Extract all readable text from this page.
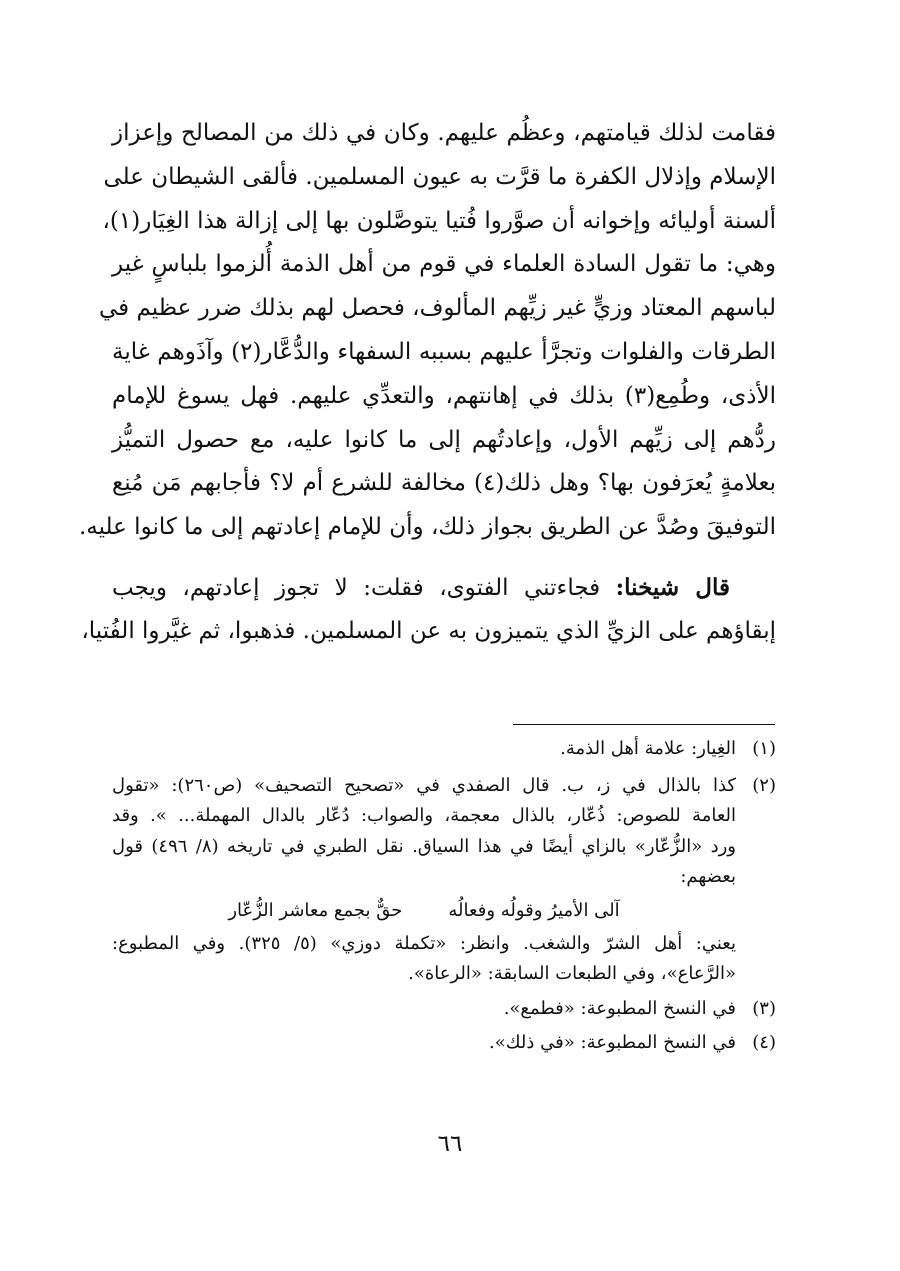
فقامت لذلك قيامتهم، وعظُم عليهم. وكان في ذلك من المصالح وإعزاز
الإسلام وإذلال الكفرة ما قرَّت به عيون المسلمين. فألقى الشيطان على
ألسنة أوليائه وإخوانه أن صوَّروا فُتيا يتوصَّلون بها إلى إزالة هذا الغِيَار(١)،
وهي: ما تقول السادة العلماء في قوم من أهل الذمة أُلزموا بلباسٍ غير
لباسهم المعتاد وزيٍّ غير زيِّهم المألوف، فحصل لهم بذلك ضرر عظيم في
الطرقات والفلوات وتجرَّأ عليهم بسببه السفهاء والدُّعَّار(٢) وآذَوهم غاية
الأذى، وطُمِع(٣) بذلك في إهانتهم، والتعدِّي عليهم. فهل يسوغ للإمام
ردُّهم إلى زيِّهم الأول، وإعادتُهم إلى ما كانوا عليه، مع حصول التميُّز
بعلامةٍ يُعرَفون بها؟ وهل ذلك(٤) مخالفة للشرع أم لا؟ فأجابهم مَن مُنِع
التوفيقَ وصُدَّ عن الطريق بجواز ذلك، وأن للإمام إعادتهم إلى ما كانوا عليه.
  قال شيخنا: فجاءتني الفتوى، فقلت: لا تجوز إعادتهم، ويجب
إبقاؤهم على الزيِّ الذي يتميزون به عن المسلمين. فذهبوا، ثم غيَّروا الفُتيا،
(١)
الغِيار: علامة أهل الذمة.
(٢)
كذا بالذال في ز، ب. قال الصفدي في «تصحيح التصحيف» (ص٢٦٠): «تقول
العامة للصوص: ذُعّار، بالذال معجمة، والصواب: دُعّار بالدال المهملة... ». وقد
ورد «الزُّعّار» بالزاي أيضًا في هذا السياق. نقل الطبري في تاريخه (٨/ ٤٩٦) قول
بعضهم:
آلى الأميرُ وقولُه وفعالُه
حقٌّ بجمع معاشر الزُّعّار
يعني: أهل الشرّ والشغب. وانظر: «تكملة دوزي» (٥/ ٣٢٥). وفي المطبوع:
«الرَّعاع»، وفي الطبعات السابقة: «الرعاة».
(٣)
في النسخ المطبوعة: «فطمع».
(٤)
في النسخ المطبوعة: «في ذلك».
٦٦
